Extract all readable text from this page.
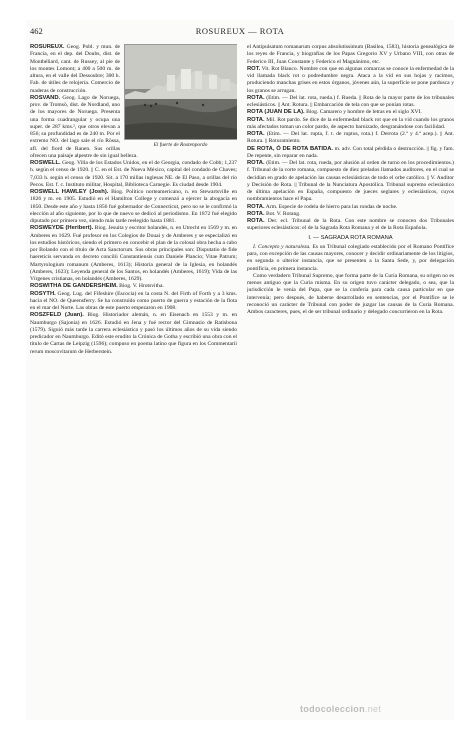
462	ROSUREUX — ROTA
El fuerte de Rostenpordo

ROSUREUX. Geog. Pobl. y mun. de Francia, en el dep. del Doubs, dist. de Montbéliard, cant. de Russey, al pie de los montes Lomont; a 400 a 500 m. de altura, en el valle del Dessoubre; 300 h. Fab. de útiles de relojería. Comercio de maderas de construcción.

ROSVAND. Geog. Lago de Noruega, prov. de Tromsö, dist. de Nordland, uno de los mayores de Noruega. Presenta una forma cuadrangular y ocupa una super. de 287 kms.², que otros elevan a 856; su profundidad es de 240 m. Por el extremo NO. del lago sale el río Rössa, afl. del fiord de Ranen. Sus orillas ofrecen una paisaje alpestre de sin igual belleza.

ROSWELL. Geog. Villa de los Estados Unidos, en el de Georgia, condado de Cobb; 1,237 h. según el censo de 1920. || C. en el Est. de Nueva México, capital del condado de Chaves; 7,033 h. según el censo de 1920. Sit. a 170 millas inglesas NE. de El Paso, a orillas del río Pecos. Est. f. c. Instituto militar, Hospital, Biblioteca Carnegie. Es ciudad desde 1904.

ROSWELL HAWLEY (Josh). Biog. Político norteamericano, n. en Stewartsville en 1826 y m. en 1905. Estudió en el Hamilton College y comenzó a ejercer la abogacía en 1850. Desde este año y hasta 1856 fué gobernador de Connecticut, pero no se le confirmó la elección al año siguiente, por lo que de nuevo se dedicó al periodismo. En 1872 fué elegido diputado por primera vez, siendo más tarde reelegido hasta 1881.

ROSWEYDE (Heribert). Biog. Jesuita y escritor holandés, n. en Utrecht en 1569 y m. en Amberes en 1629. Fué profesor en los Colegios de Douai y de Amberes y se especializó en los estudios históricos, siendo el primero en concebir el plan de la colosal obra hecha a cabo por Bolando con el título de Acta Sanctorum. Sus obras principales son: Disputatio de fide haereticis servanda ex decreto concilii Constantiensis cum Daniele Plancio; Vitae Patrum; Martyrologium romanum (Amberes, 1613); Historia general de la Iglesia, en holandés (Amberes, 1623); Leyenda general de los Santos, en holandés (Amberes, 1619); Vida de las Vírgenes cristianas, en holandés (Amberes, 1629).

ROSWITHA DE GANDERSHEIM. Biog. V. Hrotsvitha.

ROSYTH. Geog. Lug. del Fifeshire (Escocia) en la costa N. del Firth of Forth y a 3 kms. hacia el NO. de Queensferry. Se ha construido como puerto de guerra y estación de la flota en el mar del Norte. Las obras de este puerto empezaron en 1908.

ROSZFELD (Juan). Biog. Historiador alemán, n. en Eisenach en 1553 y m. en Naumburgo (Sajonia) en 1626. Estudió en Jena y fué rector del Gimnasio de Ratisbona (1579). Siguió más tarde la carrera eclesiástica y pasó los últimos años de su vida siendo predicador en Naumburgo. Editó este erudito la Crónica de Gotha y escribió una obra con el título de Cartas de Leipzig (1596); compuso en poema latino que figura en los Commentarii rerum moscovitarum de Herberstein.

el Antipulsatum romanarum corpus absolutissimum (Basilea, 1583), historia genealógica de los reyes de Francia, y biografías de los Papas Gregorio XV y Urbano VIII, con otras de Federico III, Juan Constante y Federico el Magnánimo, etc.

ROT. Vit. Rot Blanco. Nombre con que en algunas comarcas se conoce la enfermedad de la vid llamada black rot o podredumbre negra. Ataca a la vid en sus hojas y racimos, produciendo manchas grises en estos órganos, jóvenes aún, la superficie se pone pardusca y los granos se arrugan.

ROTA. (Etim. — Del lat. rota, rueda.) f. Rueda. || Rota de la mayor parte de los tribunales eclesiásticos. || Ant. Rotura. || Embarcación de tela con que se ponían rotas.

ROTA (JUAN DE LA). Biog. Camarero y hombre de letras en el siglo XVI.

ROTA. Mil. Rot pardo. Se dice de la enfermedad black rot que en la vid cuando los granos más afectados toman un color pardo, de aspecto barnizado, desgranándose con facilidad.

ROTA. (Etim. — Del lat. rupta, f. t. de ruptus, rota.) f. Derrota (2.ª y 4.ª acep.). || Ant. Rotura. || Roturamiento.

DE ROTA, Ó DE ROTA BATIDA. m. adv. Con total pérdida o destrucción. || fig. y fam. De repente, sin reparar en nada.

ROTA. (Etim. — Del lat. rota, rueda, por alusión al orden de turno en los procedimientos.) f. Tribunal de la corte romana, compuesto de diez prelados llamados auditores, en el cual se decidían en grado de apelación las causas eclesiásticas de todo el orbe católico. || V. Auditor y Decisión de Rota. || Tribunal de la Nunciatura Apostólica. Tribunal supremo eclesiástico de última apelación en España, compuesto de jueces seglares y eclesiásticos, cuyos nombramientos hace el Papa.

ROTA. Arm. Especie de rodela de hierro para las rondas de noche.

ROTA. Bot. V. Rotang.

ROTA. Der. ecl. Tribunal de la Rota. Con este nombre se conocen dos Tribunales superiores eclesiásticos: el de la Sagrada Rota Romana y el de la Rota Española.

I. — SAGRADA ROTA ROMANA

I. Concepto y naturaleza. Es un Tribunal colegiado establecido por el Romano Pontífice para, con excepción de las causas mayores, conocer y decidir ordinariamente de los litigios, en segunda o ulterior instancia, que se presenten a la Santa Sede, y, por delegación pontificia, en primera instancia.

Como verdadero Tribunal Supremo, que forma parte de la Curia Romana, su origen no es menos antiguo que la Curia misma. En su origen tuvo carácter delegado, o sea, que la jurisdicción le venía del Papa, que se la confería para cada causa particular en que intervenía; pero después, de haberse desarrollado en sentencias, por el Pontífice se le reconoció un carácter de Tribunal con poder de juzgar las causas de la Curia Romana. Ambos caracteres, pues, el de ser tribunal ordinario y delegado concurrieron en la Rota.

todocoleccion.net
